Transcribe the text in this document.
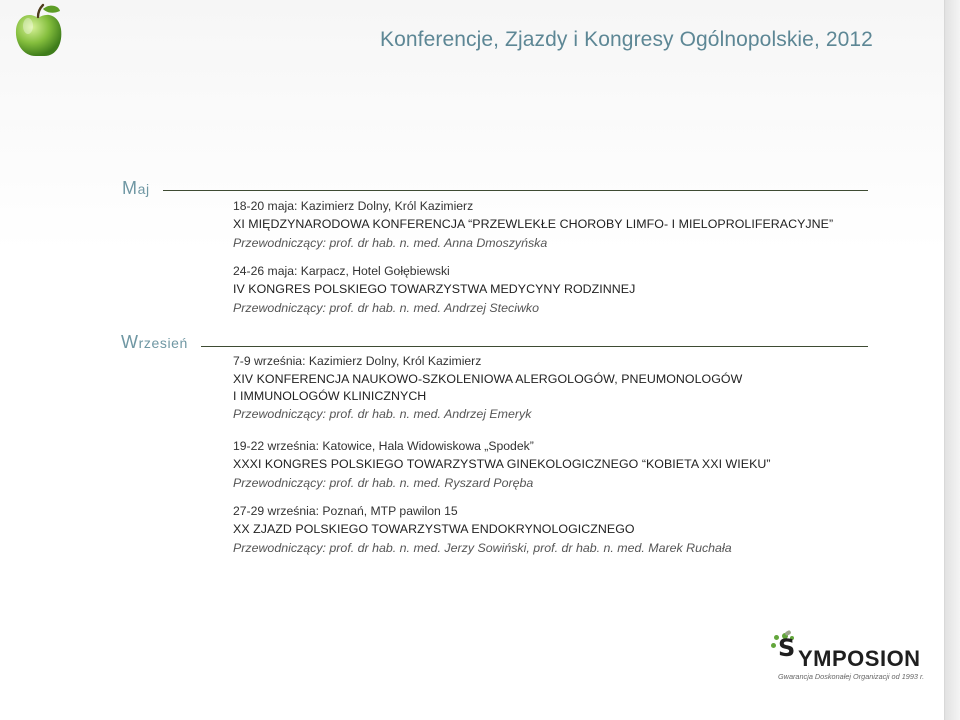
Konferencje, Zjazdy i Kongresy Ogólnopolskie, 2012
Maj
18-20 maja: Kazimierz Dolny, Król Kazimierz
XI MIĘDZYNARODOWA KONFERENCJA “PRZEWLEKŁE CHOROBY LIMFO- I MIELOPROLIFERACYJNE”
Przewodniczący: prof. dr hab. n. med. Anna Dmoszyńska
24-26 maja: Karpacz, Hotel Gołębiewski
IV KONGRES POLSKIEGO TOWARZYSTWA MEDYCYNY RODZINNEJ
Przewodniczący: prof. dr hab. n. med. Andrzej Steciwko
Wrzesień
7-9 września: Kazimierz Dolny, Król Kazimierz
XIV KONFERENCJA NAUKOWO-SZKOLENIOWA ALERGOLOGÓW, PNEUMONOLOGÓW
I IMMUNOLOGÓW KLINICZNYCH
Przewodniczący: prof. dr hab. n. med. Andrzej Emeryk
19-22 września: Katowice, Hala Widowiskowa „Spodek”
XXXI KONGRES POLSKIEGO TOWARZYSTWA GINEKOLOGICZNEGO “KOBIETA XXI WIEKU”
Przewodniczący: prof. dr hab. n. med. Ryszard Poręba
27-29 września: Poznań, MTP pawilon 15
XX ZJAZD POLSKIEGO TOWARZYSTWA ENDOKRYNOLOGICZNEGO
Przewodniczący: prof. dr hab. n. med. Jerzy Sowiński, prof. dr hab. n. med. Marek Ruchała
S YMPOSION
Gwarancja Doskonałej Organizacji od 1993 r.
